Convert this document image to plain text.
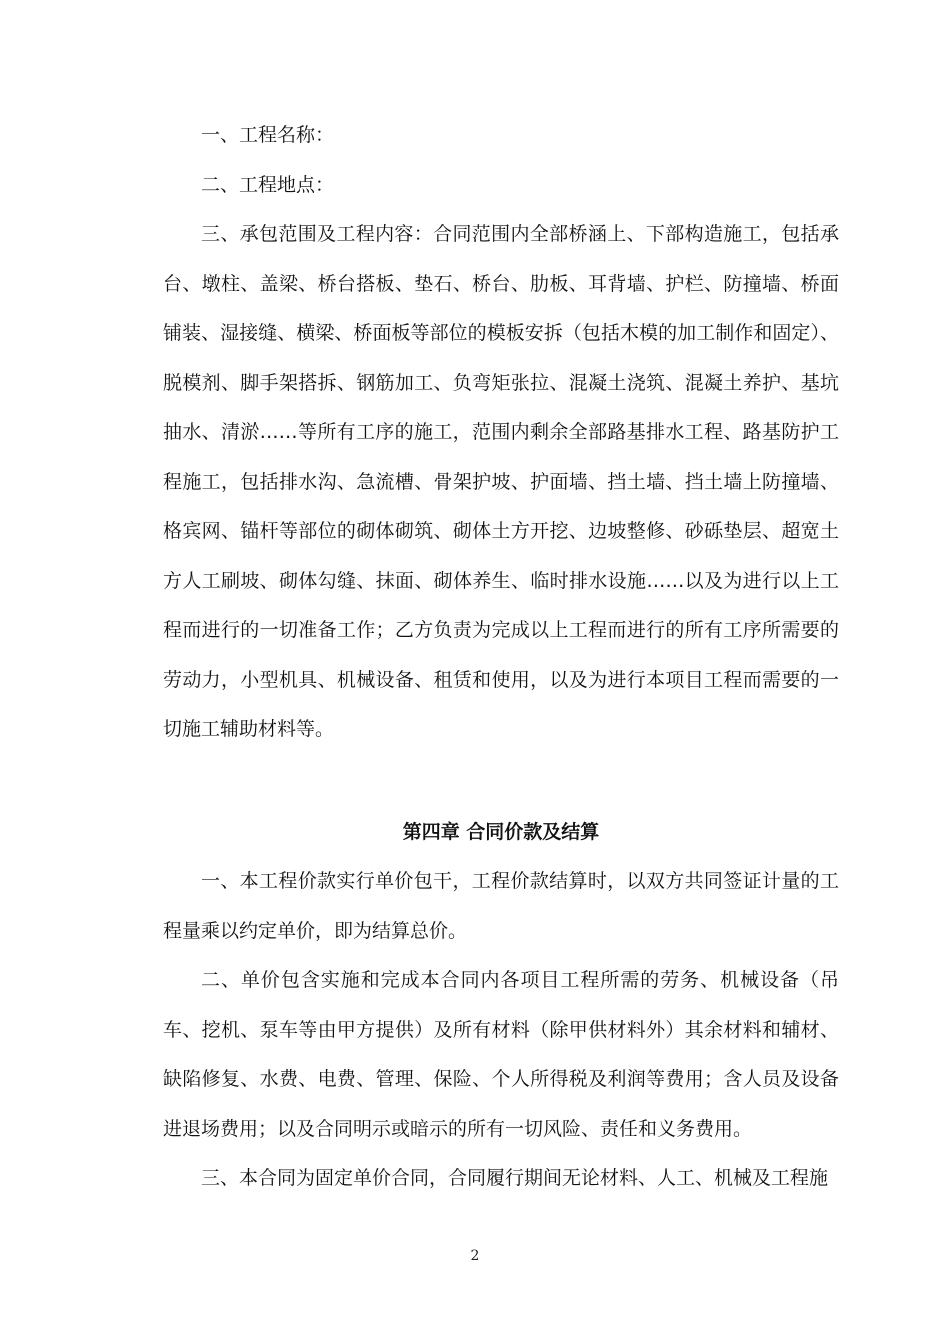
一、工程名称：

二、工程地点：

三、承包范围及工程内容：合同范围内全部桥涵上、下部构造施工，包括承台、墩柱、盖梁、桥台搭板、垫石、桥台、肋板、耳背墙、护栏、防撞墙、桥面铺装、湿接缝、横梁、桥面板等部位的模板安拆（包括木模的加工制作和固定）、脱模剂、脚手架搭拆、钢筋加工、负弯矩张拉、混凝土浇筑、混凝土养护、基坑抽水、清淤……等所有工序的施工，范围内剩余全部路基排水工程、路基防护工程施工，包括排水沟、急流槽、骨架护坡、护面墙、挡土墙、挡土墙上防撞墙、格宾网、锚杆等部位的砌体砌筑、砌体土方开挖、边坡整修、砂砾垫层、超宽土方人工刷坡、砌体勾缝、抹面、砌体养生、临时排水设施……以及为进行以上工程而进行的一切准备工作；乙方负责为完成以上工程而进行的所有工序所需要的劳动力，小型机具、机械设备、租赁和使用，以及为进行本项目工程而需要的一切施工辅助材料等。

第四章 合同价款及结算

一、本工程价款实行单价包干，工程价款结算时，以双方共同签证计量的工程量乘以约定单价，即为结算总价。

二、单价包含实施和完成本合同内各项目工程所需的劳务、机械设备（吊车、挖机、泵车等由甲方提供）及所有材料（除甲供材料外）其余材料和辅材、缺陷修复、水费、电费、管理、保险、个人所得税及利润等费用；含人员及设备进退场费用；以及合同明示或暗示的所有一切风险、责任和义务费用。

三、本合同为固定单价合同，合同履行期间无论材料、人工、机械及工程施

2
